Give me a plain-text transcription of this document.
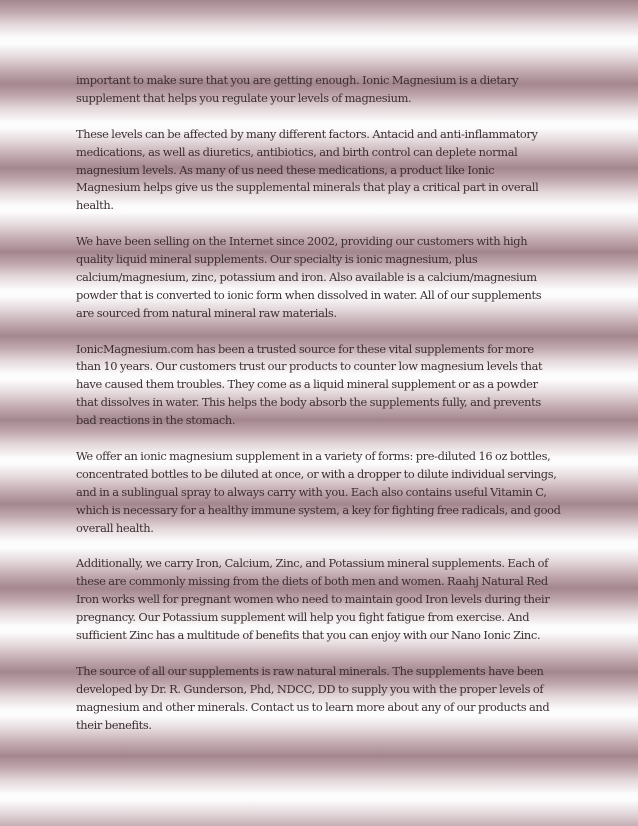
important to make sure that you are getting enough. Ionic Magnesium is a dietary supplement that helps you regulate your levels of magnesium.

These levels can be affected by many different factors. Antacid and anti-inflammatory medications, as well as diuretics, antibiotics, and birth control can deplete normal magnesium levels. As many of us need these medications, a product like Ionic Magnesium helps give us the supplemental minerals that play a critical part in overall health.

We have been selling on the Internet since 2002, providing our customers with high quality liquid mineral supplements. Our specialty is ionic magnesium, plus calcium/magnesium, zinc, potassium and iron. Also available is a calcium/magnesium powder that is converted to ionic form when dissolved in water. All of our supplements are sourced from natural mineral raw materials.

IonicMagnesium.com has been a trusted source for these vital supplements for more than 10 years. Our customers trust our products to counter low magnesium levels that have caused them troubles. They come as a liquid mineral supplement or as a powder that dissolves in water. This helps the body absorb the supplements fully, and prevents bad reactions in the stomach.

We offer an ionic magnesium supplement in a variety of forms: pre-diluted 16 oz bottles, concentrated bottles to be diluted at once, or with a dropper to dilute individual servings, and in a sublingual spray to always carry with you. Each also contains useful Vitamin C, which is necessary for a healthy immune system, a key for fighting free radicals, and good overall health.

Additionally, we carry Iron, Calcium, Zinc, and Potassium mineral supplements. Each of these are commonly missing from the diets of both men and women. Raahj Natural Red Iron works well for pregnant women who need to maintain good Iron levels during their pregnancy. Our Potassium supplement will help you fight fatigue from exercise. And sufficient Zinc has a multitude of benefits that you can enjoy with our Nano Ionic Zinc.

The source of all our supplements is raw natural minerals. The supplements have been developed by Dr. R. Gunderson, Phd, NDCC, DD to supply you with the proper levels of magnesium and other minerals. Contact us to learn more about any of our products and their benefits.
